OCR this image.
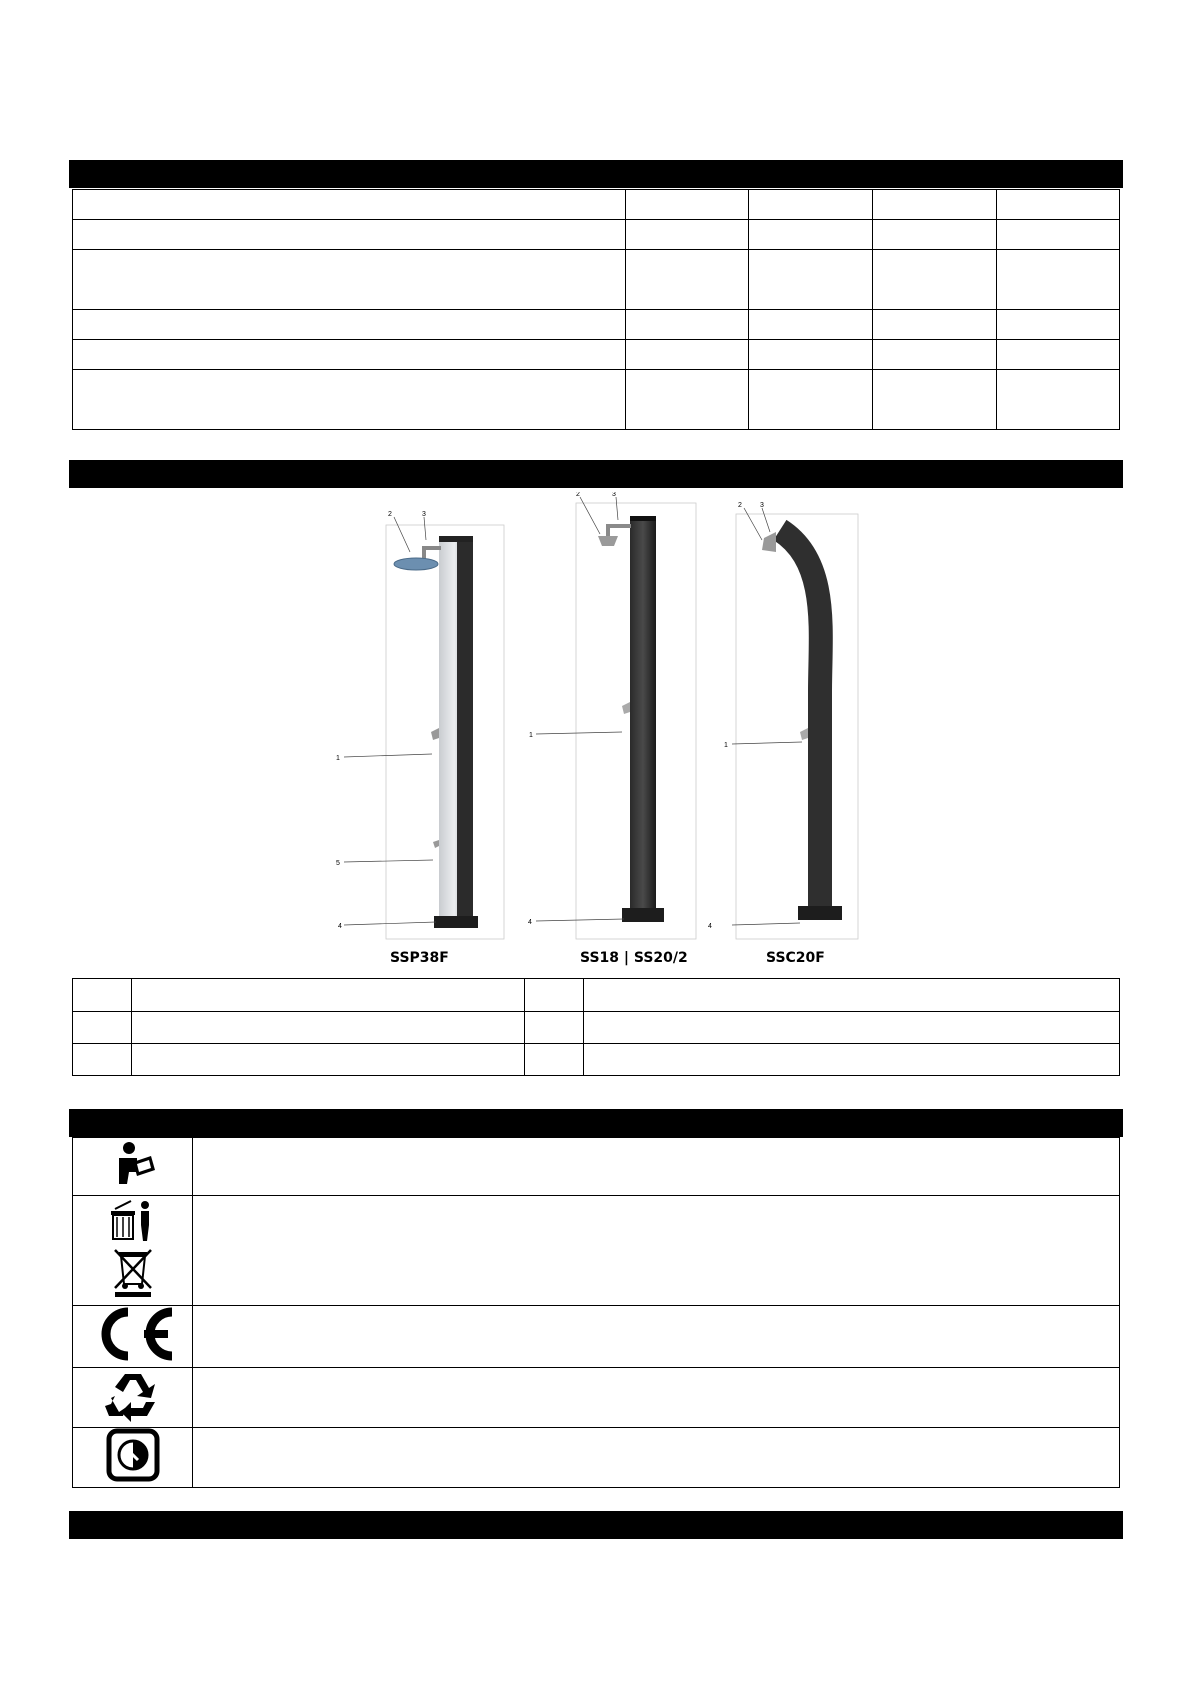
2	3
1
5
4
2	3
1
4
2	3
1
4
SSP38F	SS18 | SS20/2	SSC20F
